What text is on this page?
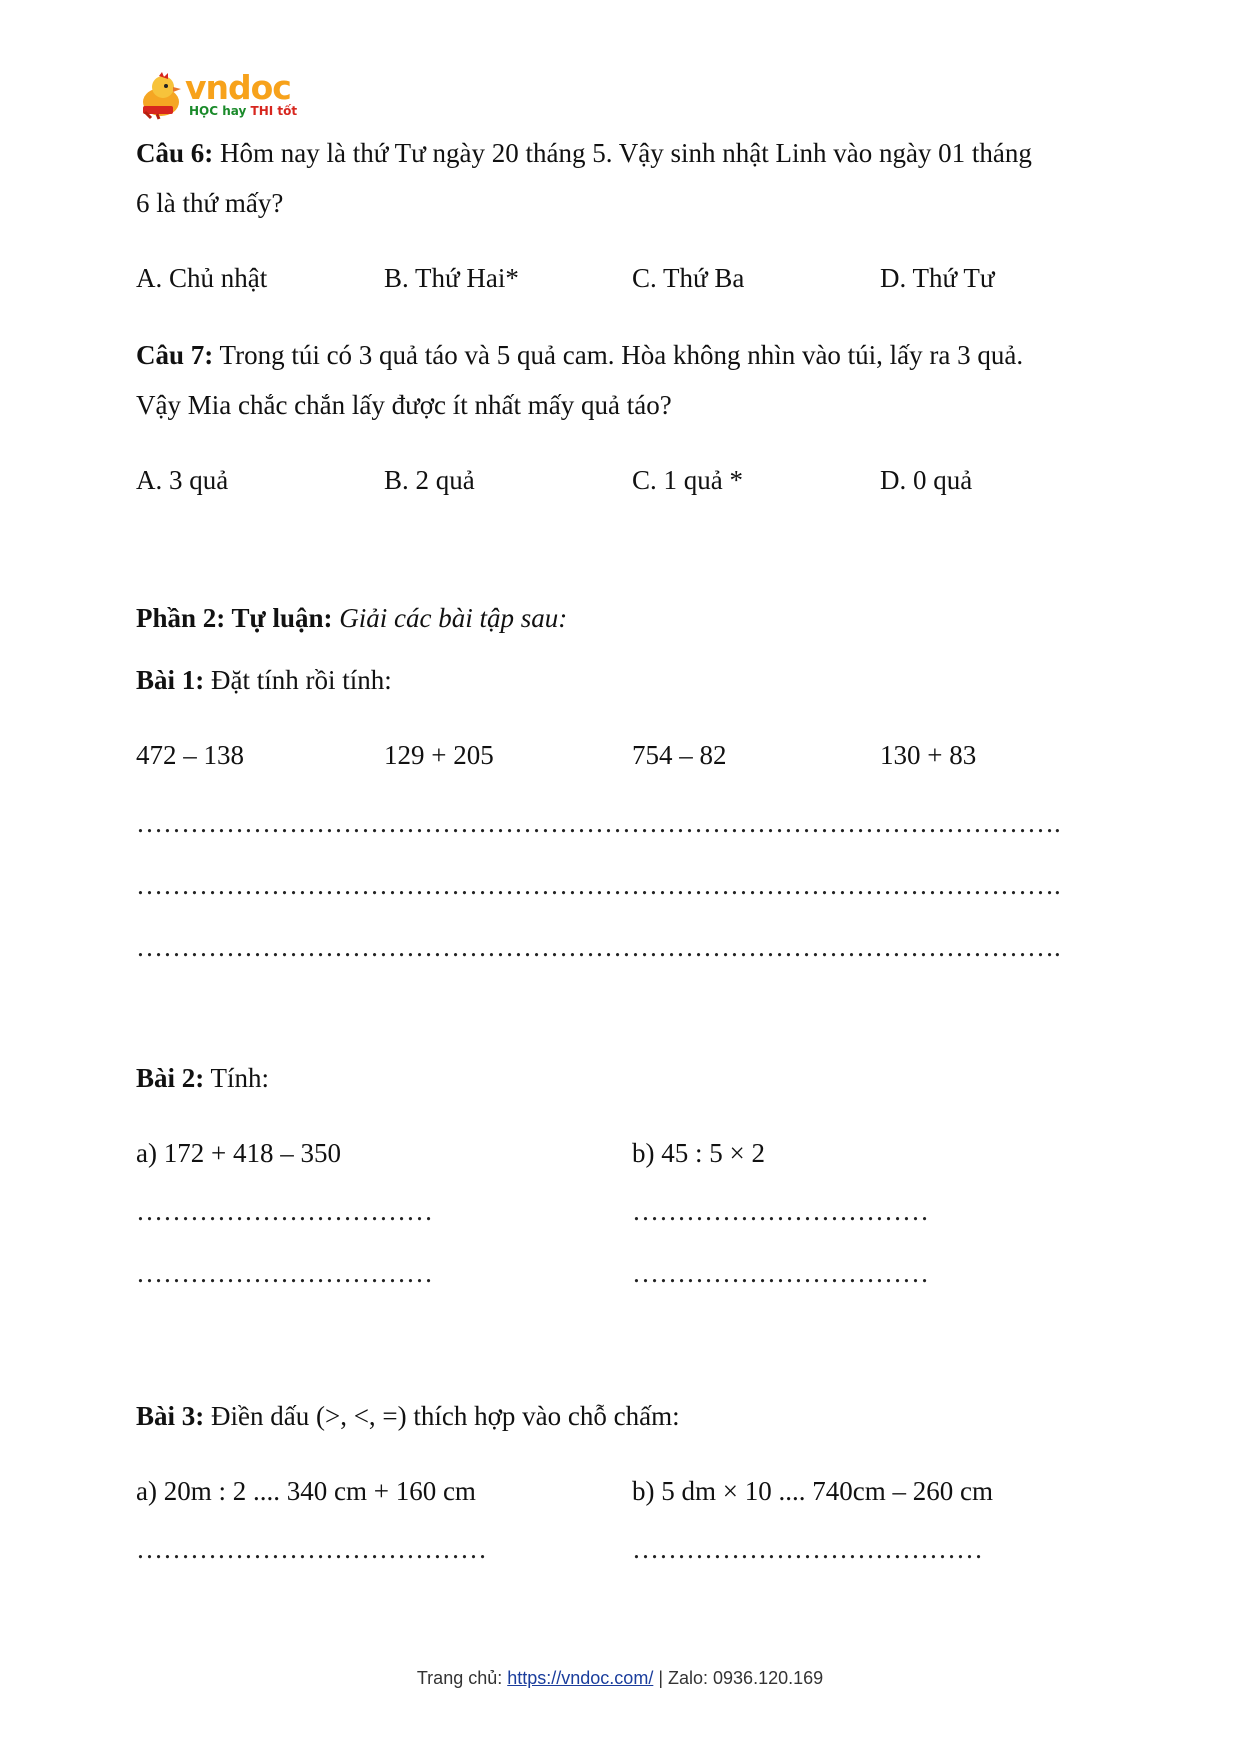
vndoc
HỌC hay THI tốt
Câu 6: Hôm nay là thứ Tư ngày 20 tháng 5. Vậy sinh nhật Linh vào ngày 01 tháng
6 là thứ mấy?
A. Chủ nhật	B. Thứ Hai*	C. Thứ Ba	D. Thứ Tư
Câu 7: Trong túi có 3 quả táo và 5 quả cam. Hòa không nhìn vào túi, lấy ra 3 quả.
Vậy Mia chắc chắn lấy được ít nhất mấy quả táo?
A. 3 quả	B. 2 quả	C. 1 quả *	D. 0 quả
Phần 2: Tự luận: Giải các bài tập sau:
Bài 1: Đặt tính rồi tính:
472 – 138	129 + 205	754 – 82	130 + 83
………………………………………………………………………………………….
………………………………………………………………………………………….
………………………………………………………………………………………….
Bài 2: Tính:
a) 172 + 418 – 350	b) 45 : 5 × 2
……………………………	……………………………
……………………………	……………………………
Bài 3: Điền dấu (>, <, =) thích hợp vào chỗ chấm:
a) 20m : 2 .... 340 cm + 160 cm	b) 5 dm × 10 .... 740cm – 260 cm
…………………………………	…………………………………
Trang chủ: https://vndoc.com/ | Zalo: 0936.120.169
